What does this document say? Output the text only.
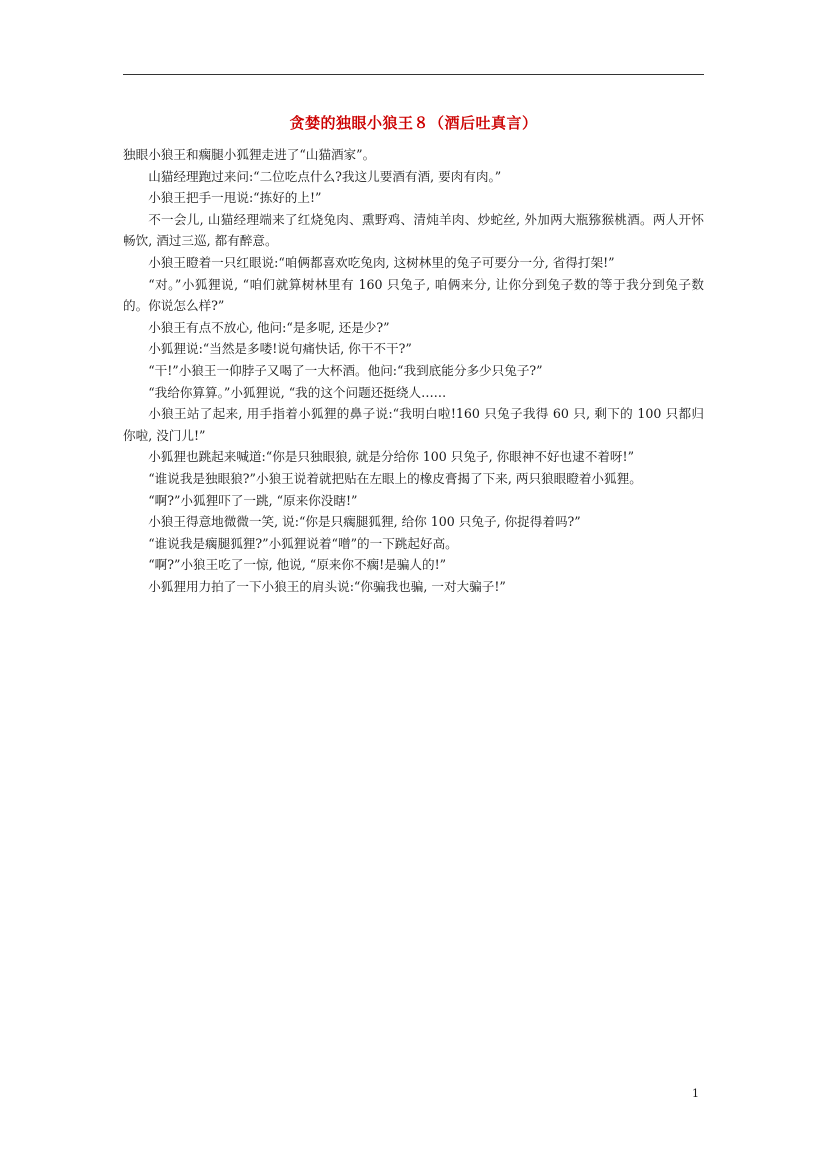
贪婪的独眼小狼王８（酒后吐真言）

独眼小狼王和瘸腿小狐狸走进了“山猫酒家”。

山猫经理跑过来问:“二位吃点什么?我这儿要酒有酒, 要肉有肉。”

小狼王把手一甩说:“拣好的上!”

不一会儿, 山猫经理端来了红烧兔肉、熏野鸡、清炖羊肉、炒蛇丝, 外加两大瓶猕猴桃酒。两人开怀畅饮, 酒过三巡, 都有醉意。

小狼王瞪着一只红眼说:“咱俩都喜欢吃兔肉, 这树林里的兔子可要分一分, 省得打架!”

“对。”小狐狸说, “咱们就算树林里有 160 只兔子, 咱俩来分, 让你分到兔子数的等于我分到兔子数的。你说怎么样?”

小狼王有点不放心, 他问:“是多呢, 还是少?”

小狐狸说:“当然是多喽!说句痛快话, 你干不干?”

“干!”小狼王一仰脖子又喝了一大杯酒。他问:“我到底能分多少只兔子?”

“我给你算算。”小狐狸说, “我的这个问题还挺绕人……

小狼王站了起来, 用手指着小狐狸的鼻子说:“我明白啦!160 只兔子我得 60 只, 剩下的 100 只都归你啦, 没门儿!”

小狐狸也跳起来喊道:“你是只独眼狼, 就是分给你 100 只兔子, 你眼神不好也逮不着呀!”

“谁说我是独眼狼?”小狼王说着就把贴在左眼上的橡皮膏揭了下来, 两只狼眼瞪着小狐狸。

“啊?”小狐狸吓了一跳, “原来你没瞎!”

小狼王得意地微微一笑, 说:“你是只瘸腿狐狸, 给你 100 只兔子, 你捉得着吗?”

“谁说我是瘸腿狐狸?”小狐狸说着“噌”的一下跳起好高。

“啊?”小狼王吃了一惊, 他说, “原来你不瘸!是骗人的!”

小狐狸用力拍了一下小狼王的肩头说:“你骗我也骗, 一对大骗子!”

1
